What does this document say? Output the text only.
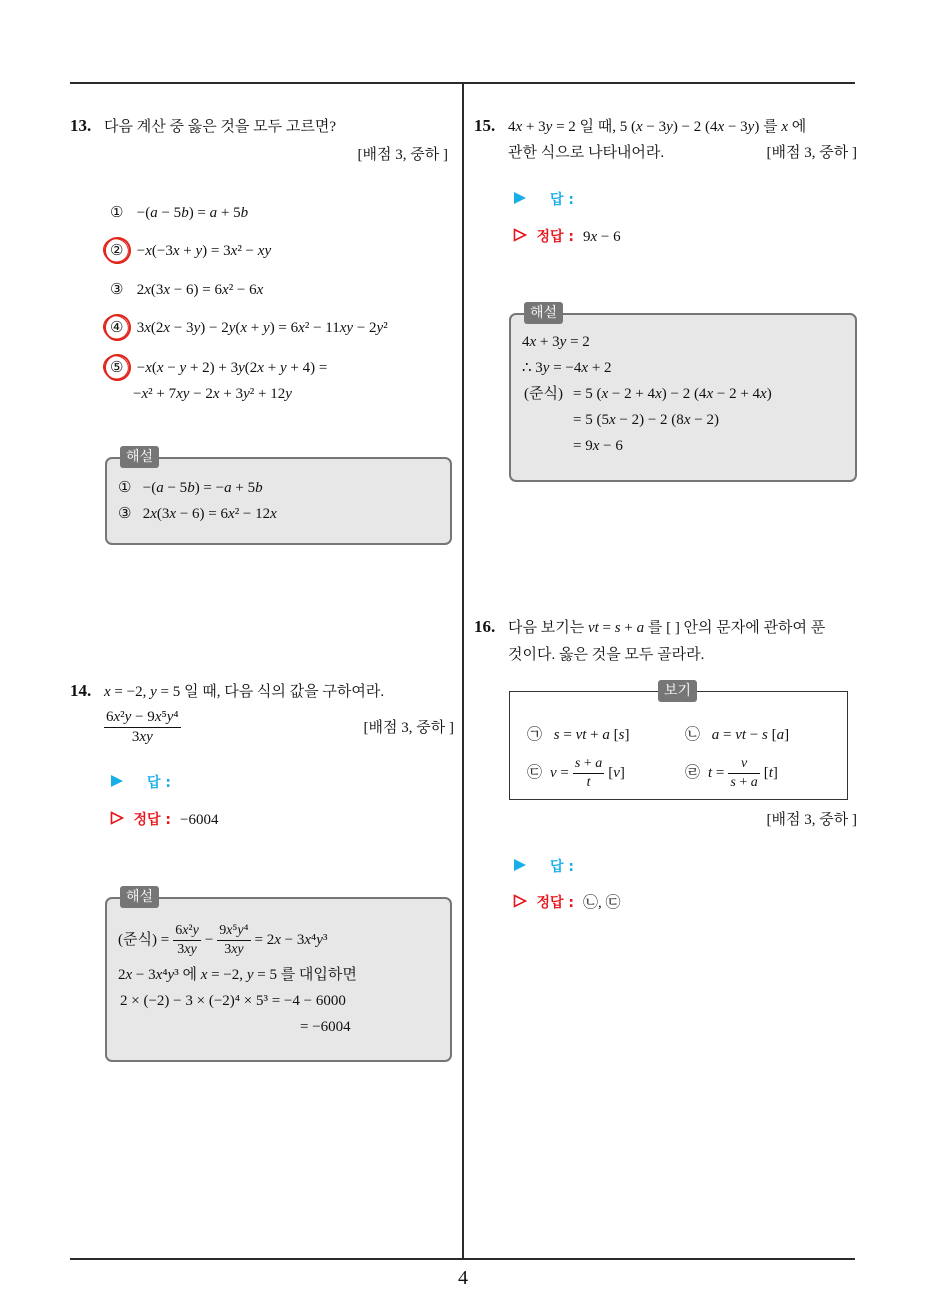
4
13. 다음 계산 중 옳은 것을 모두 고르면?
[배점 3, 중하 ]
① −(a − 5b) = a + 5b
② −x(−3x + y) = 3x² − xy
③ 2x(3x − 6) = 6x² − 6x
④ 3x(2x − 3y) − 2y(x + y) = 6x² − 11xy − 2y²
⑤ −x(x − y + 2) + 3y(2x + y + 4) =
−x² + 7xy − 2x + 3y² + 12y
해설
① −(a − 5b) = −a + 5b
③ 2x(3x − 6) = 6x² − 12x
14. x = −2, y = 5 일 때, 다음 식의 값을 구하여라.
$\frac{\text{6x²y − 9x⁵y⁴}}{3xy}$	[배점 3, 중하 ]
답 :
정답 : −6004
해설
(준식) = $\frac{\text{6x²y}}{3xy} - \frac{\text{9x⁵y⁴}}{3xy} = 2x - 3x^4y^3$
2x − 3x⁴y³ 에 x = −2, y = 5 를 대입하면
2 × (−2) − 3 × (−2)⁴ × 5³ = −4 − 6000
= −6004
15. 4x + 3y = 2 일 때, 5 (x − 3y) − 2 (4x − 3y) 를 x 에
관한 식으로 나타내어라.	[배점 3, 중하 ]
답 :
정답 : 9x − 6
해설
4x + 3y = 2
∴ 3y = −4x + 2
(준식) = 5 (x − 2 + 4x) − 2 (4x − 2 + 4x)
= 5 (5x − 2) − 2 (8x − 2)
= 9x − 6
16. 다음 보기는 vt = s + a 를 [ ] 안의 문자에 관하여 푼
것이다. 옳은 것을 모두 골라라.
보기
㉠ s = vt + a [s]	㉡ a = vt − s [a]
㉢ $v = \frac{s + a}{t} [v]$	㉣ $t = \frac{v}{s + a} [t]$
[배점 3, 중하 ]
답 :
정답 : ㉡, ㉢
